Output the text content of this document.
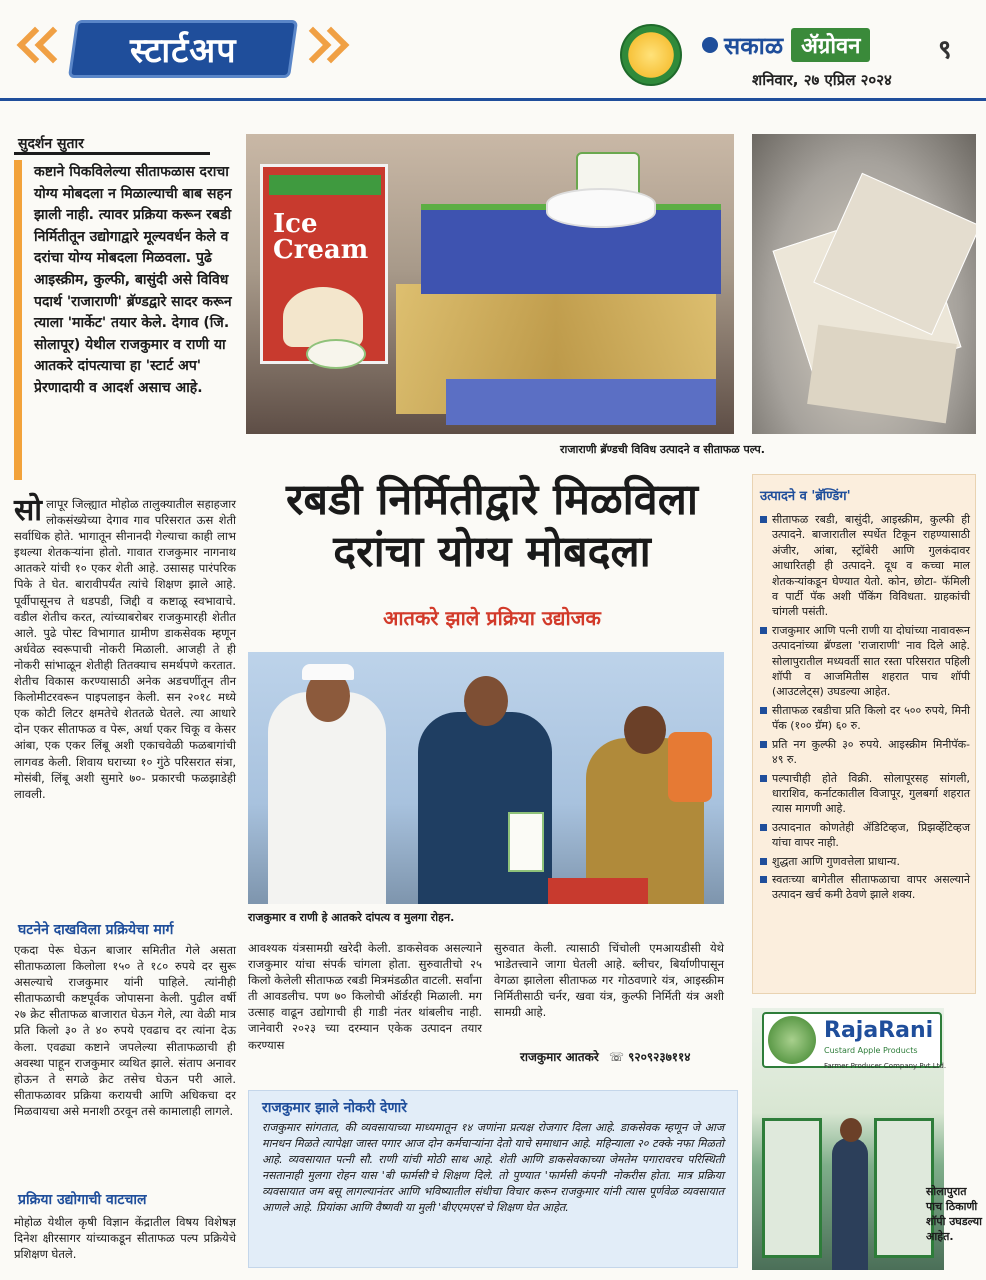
स्टार्टअप	सकाळ ॲग्रोवन	९
शनिवार, २७ एप्रिल २०२४
सुदर्शन सुतार
कष्टाने पिकविलेल्या सीताफळास दराचा योग्य मोबदला न मिळाल्याची बाब सहन झाली नाही. त्यावर प्रक्रिया करून रबडी निर्मितीतून उद्योगाद्वारे मूल्यवर्धन केले व दरांचा योग्य मोबदला मिळवला. पुढे आइस्क्रीम, कुल्फी, बासुंदी असे विविध पदार्थ 'राजाराणी' ब्रॅण्डद्वारे सादर करून त्याला 'मार्केट' तयार केले. देगाव (जि. सोलापूर) येथील राजकुमार व राणी या आतकरे दांपत्याचा हा 'स्टार्ट अप' प्रेरणादायी व आदर्श असाच आहे.
सोलापूर जिल्ह्यात मोहोळ तालुक्यातील सहाहजार लोकसंख्येच्या देगाव गाव परिसरात ऊस शेती सर्वाधिक होते. भागातून सीनानदी गेल्याचा काही लाभ इथल्या शेतकऱ्यांना होतो. गावात राजकुमार नागनाथ आतकरे यांची १० एकर शेती आहे. उसासह पारंपरिक पिके ते घेत. बारावीपर्यंत त्यांचे शिक्षण झाले आहे. पूर्वीपासूनच ते धडपडी, जिद्दी व कष्टाळू स्वभावाचे. वडील शेतीच करत, त्यांच्याबरोबर राजकुमारही शेतीत आले. पुढे पोस्ट विभागात ग्रामीण डाकसेवक म्हणून अर्धवेळ स्वरूपाची नोकरी मिळाली. आजही ते ही नोकरी सांभाळून शेतीही तितक्याच समर्थपणे करतात. शेतीच विकास करण्यासाठी अनेक अडचणींतून तीन किलोमीटरवरून पाइपलाइन केली. सन २०१८ मध्ये एक कोटी लिटर क्षमतेचे शेततळे घेतले. त्या आधारे दोन एकर सीताफळ व पेरू, अर्धा एकर चिकू व केसर आंबा, एक एकर लिंबू अशी एकाचवेळी फळबागांची लागवड केली. शिवाय घराच्या १० गुंठे परिसरात संत्रा, मोसंबी, लिंबू अशी सुमारे ७०- प्रकारची फळझाडेही लावली.
घटनेने दाखविला प्रक्रियेचा मार्ग
एकदा पेरू घेऊन बाजार समितीत गेले असता सीताफळाला किलोला १५० ते १८० रुपये दर सुरू असल्याचे राजकुमार यांनी पाहिले. त्यांनीही सीताफळाची कष्टपूर्वक जोपासना केली. पुढील वर्षी २७ क्रेट सीताफळ बाजारात घेऊन गेले, त्या वेळी मात्र प्रति किलो ३० ते ४० रुपये एवढाच दर त्यांना देऊ केला. एवढ्या कष्टाने जपलेल्या सीताफळाची ही अवस्था पाहून राजकुमार व्यथित झाले. संताप अनावर होऊन ते सगळे क्रेट तसेच घेऊन परी आले. सीताफळावर प्रक्रिया करायची आणि अधिकचा दर मिळवायचा असे मनाशी ठरवून तसे कामालाही लागले.
प्रक्रिया उद्योगाची वाटचाल
मोहोळ येथील कृषी विज्ञान केंद्रातील विषय विशेषज्ञ दिनेश क्षीरसागर यांच्याकडून सीताफळ पल्प प्रक्रियेचे प्रशिक्षण घेतले.
Ice Cream
राजाराणी ब्रॅण्डची विविध उत्पादने व सीताफळ पल्प.
रबडी निर्मितीद्वारे मिळविला दरांचा योग्य मोबदला
आतकरे झाले प्रक्रिया उद्योजक
राजकुमार व राणी हे आतकरे दांपत्य व मुलगा रोहन.
आवश्यक यंत्रसामग्री खरेदी केली. डाकसेवक असल्याने राजकुमार यांचा संपर्क चांगला होता. सुरुवातीचो २५ किलो केलेली सीताफळ रबडी मित्रमंडळीत वाटली. सर्वांना ती आवडलीच. पण ७० किलोची ऑर्डरही मिळाली. मग उत्साह वाढून उद्योगाची ही गाडी नंतर थांबलीच नाही. जानेवारी २०२३ च्या दरम्यान एकेक उत्पादन तयार करण्यास
सुरुवात केली. त्यासाठी चिंचोली एमआयडीसी येथे भाडेतत्त्वाने जागा घेतली आहे. ब्लीचर, बिर्याणीपासून वेगळा झालेला सीताफळ गर गोठवणारे यंत्र, आइस्क्रीम निर्मितीसाठी चर्नर, खवा यंत्र, कुल्फी निर्मिती यंत्र अशी सामग्री आहे.
राजकुमार आतकरे ☏ ९२०९२३७११४
उत्पादने व 'ब्रॅण्डिंग'
सीताफळ रबडी, बासुंदी, आइस्क्रीम, कुल्फी ही उत्पादने. बाजारातील स्पर्धेत टिकून राहण्यासाठी अंजीर, आंबा, स्ट्रॉबेरी आणि गुलकंदावर आधारितही ही उत्पादने. दूध व कच्चा माल शेतकऱ्यांकडून घेण्यात येतो. कोन, छोटा- फॅमिली व पार्टी पॅक अशी पॅकिंग विविधता. ग्राहकांची चांगली पसंती.
राजकुमार आणि पत्नी राणी या दोघांच्या नावावरून उत्पादनांच्या ब्रॅण्डला 'राजाराणी' नाव दिले आहे. सोलापुरातील मध्यवर्ती सात रस्ता परिसरात पहिली शॉपी व आजमितीस शहरात पाच शॉपी (आउटलेट्स) उघडल्या आहेत.
सीताफळ रबडीचा प्रति किलो दर ५०० रुपये, मिनी पॅक (१०० ग्रॅम) ६० रु.
प्रति नग कुल्फी ३० रुपये. आइस्क्रीम मिनीपॅक- ४९ रु.
पल्पाचीही होते विक्री. सोलापूरसह सांगली, धाराशिव, कर्नाटकातील विजापूर, गुलबर्गा शहरात त्यास मागणी आहे.
उत्पादनात कोणतेही ॲडिटिव्हज, प्रिझर्व्हेटिव्हज यांचा वापर नाही.
शुद्धता आणि गुणवत्तेला प्राधान्य.
स्वतःच्या बागेतील सीताफळाचा वापर असल्याने उत्पादन खर्च कमी ठेवणे झाले शक्य.
RajaRani
Custard Apple Products
Farmer Producer Company Pvt Ltd.
सोलापुरात पाच ठिकाणी शॉपी उघडल्या आहेत.
राजकुमार झाले नोकरी देणारे
राजकुमार सांगतात, की व्यवसायाच्या माध्यमातून १४ जणांना प्रत्यक्ष रोजगार दिला आहे. डाकसेवक म्हणून जे आज मानधन मिळते त्यापेक्षा जास्त पगार आज दोन कर्मचाऱ्यांना देतो याचे समाधान आहे. महिन्याला २० टक्के नफा मिळतो आहे. व्यवसायात पत्नी सौ. राणी यांची मोठी साथ आहे. शेती आणि डाकसेवकाच्या जेमतेम पगारावरच परिस्थिती नसतानाही मुलगा रोहन यास 'बी फार्मसी'चे शिक्षण दिले. तो पुण्यात 'फार्मसी कंपनी' नोकरीस होता. मात्र प्रक्रिया व्यवसायात जम बसू लागल्यानंतर आणि भविष्यातील संधीचा विचार करून राजकुमार यांनी त्यास पूर्णवेळ व्यवसायात आणले आहे. प्रियांका आणि वैष्णवी या मुली 'बीएएमएस'चे शिक्षण घेत आहेत.
